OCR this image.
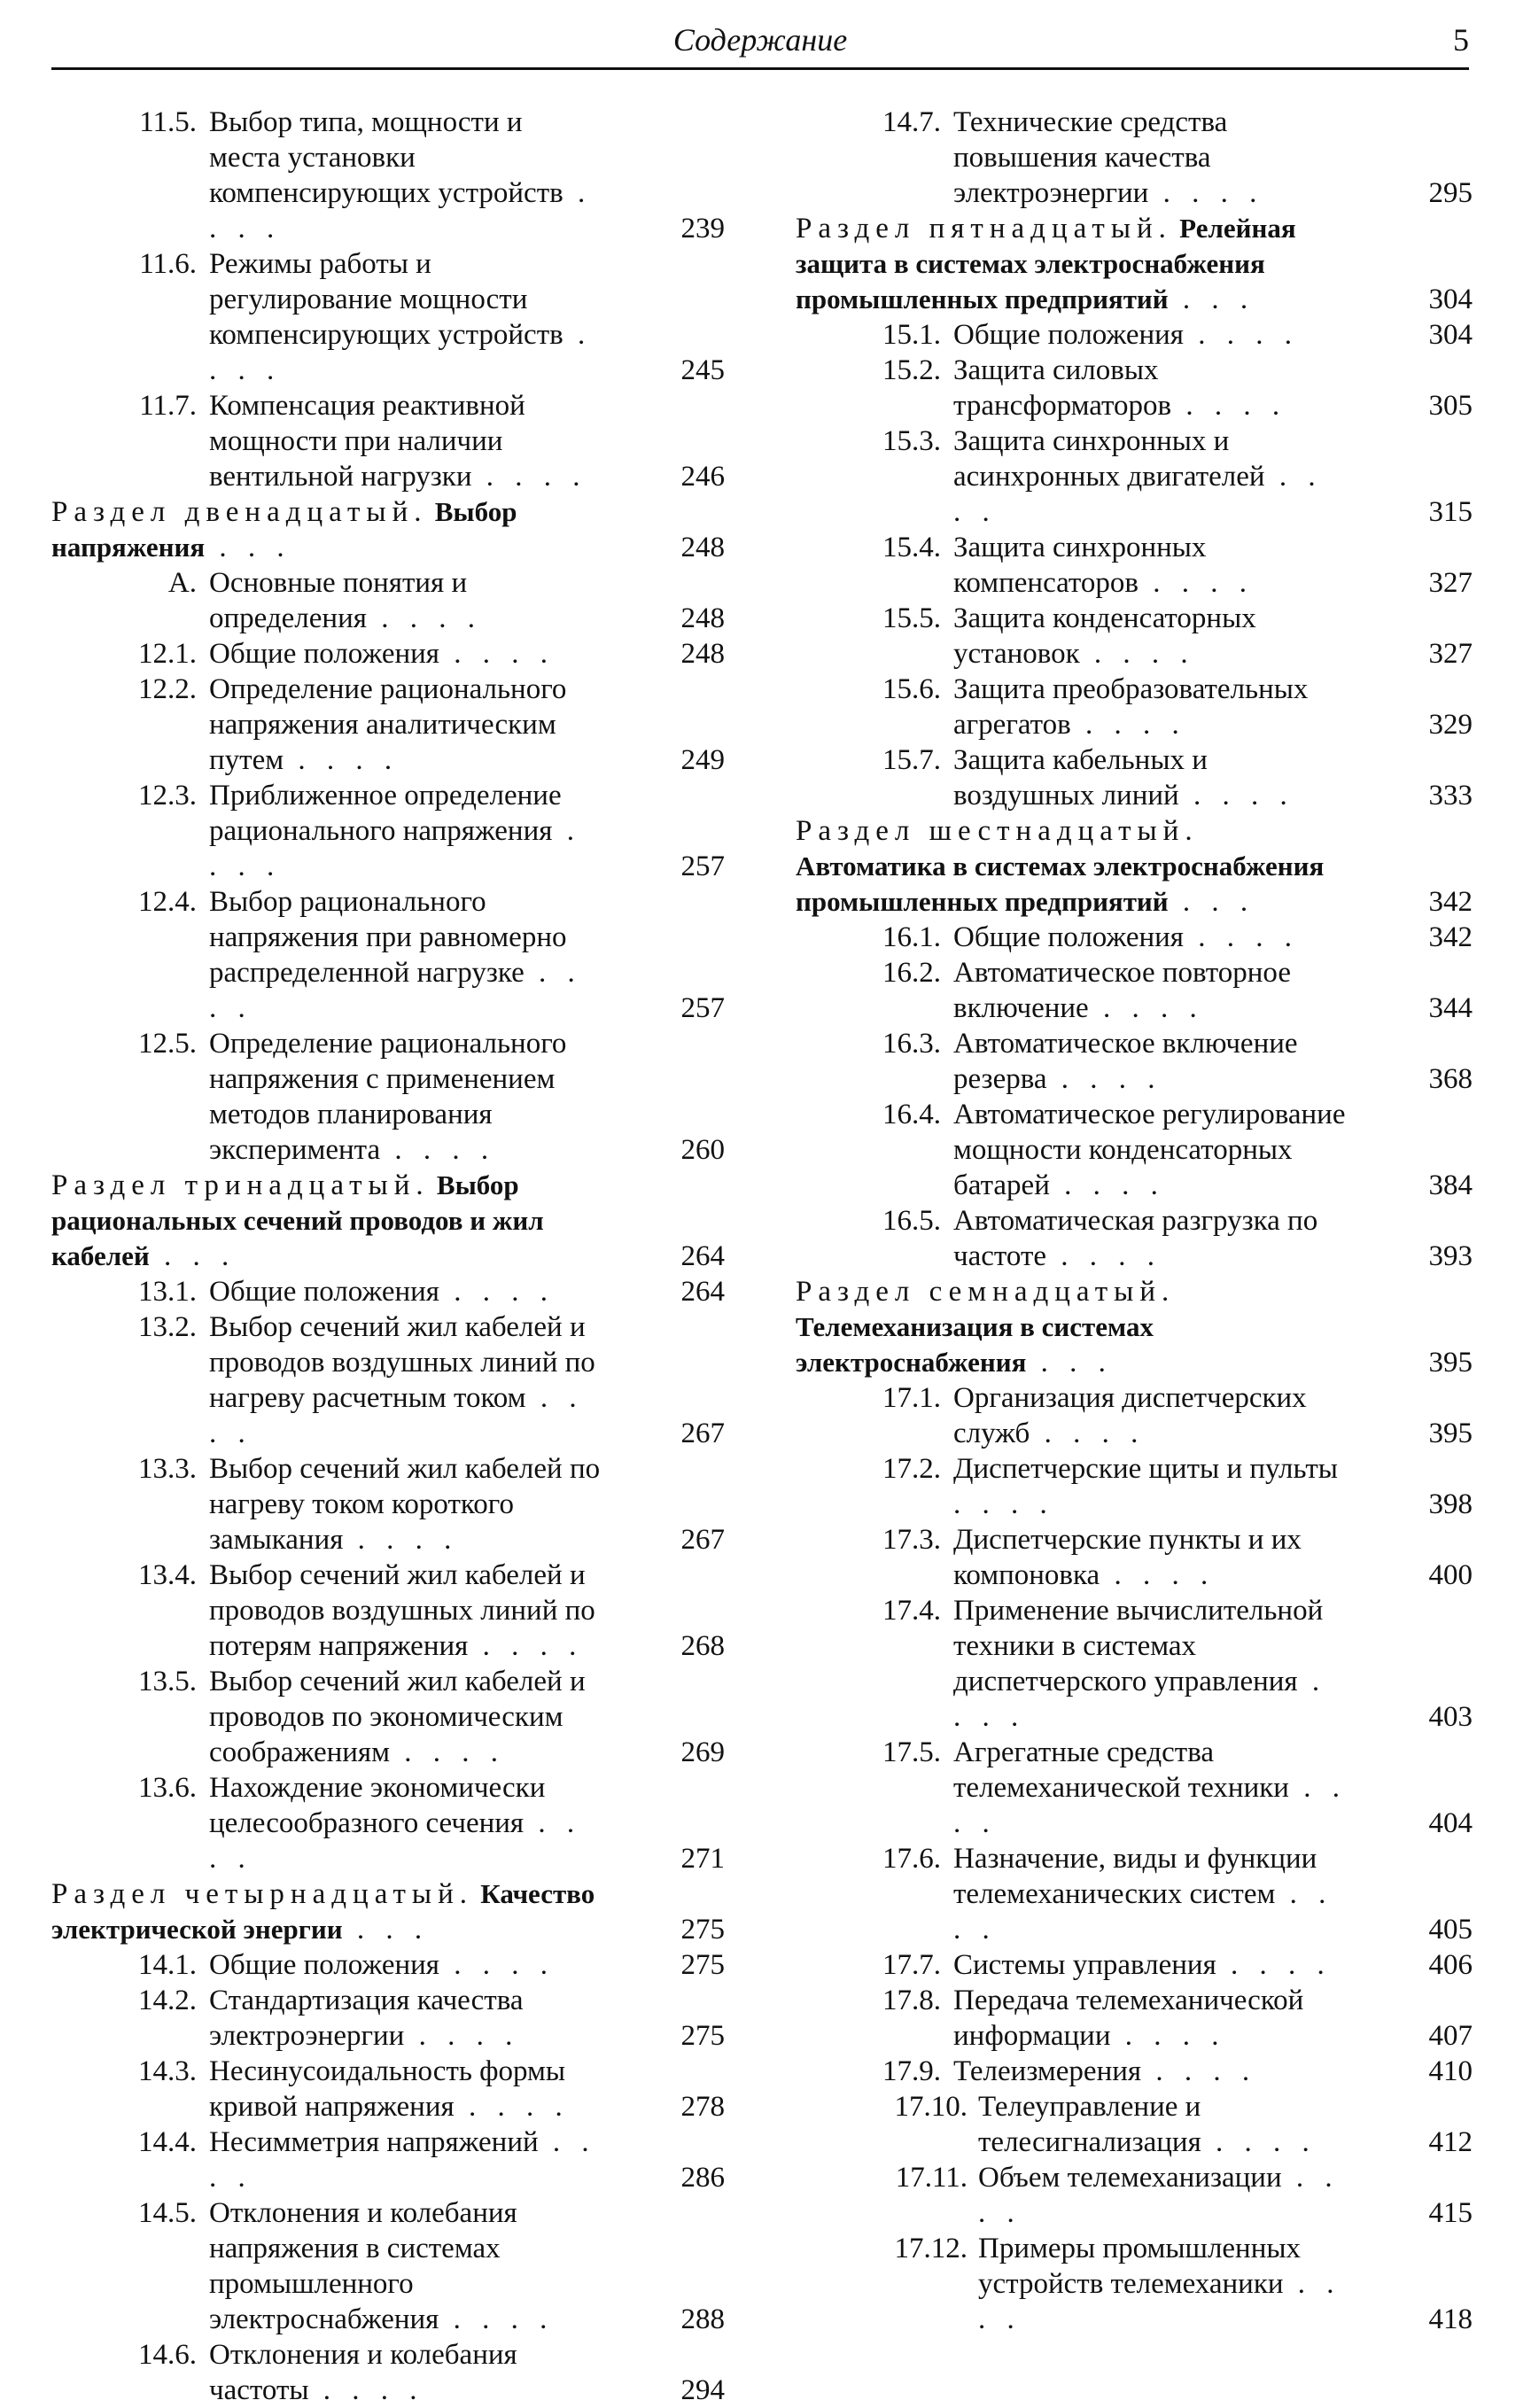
Содержание	5
11.5. Выбор типа, мощности и места установки компенсирующих устройств . . . .	239
11.6. Режимы работы и регулирование мощности компенсирующих устройств . . . .	245
11.7. Компенсация реактивной мощности при наличии вентильной нагрузки . . . .	246
Раздел двенадцатый. Выбор напряжения . . .	248
А. Основные понятия и определения . . . .	248
12.1. Общие положения . . . .	248
12.2. Определение рационального напряжения аналитическим путем . . . .	249
12.3. Приближенное определение рационального напряжения . . . .	257
12.4. Выбор рационального напряжения при равномерно распределенной нагрузке . . . .	257
12.5. Определение рационального напряжения с применением методов планирования эксперимента . . . .	260
Раздел тринадцатый. Выбор рациональных сечений проводов и жил кабелей . . .	264
13.1. Общие положения . . . .	264
13.2. Выбор сечений жил кабелей и проводов воздушных линий по нагреву расчетным током . . . .	267
13.3. Выбор сечений жил кабелей по нагреву током короткого замыкания . . . .	267
13.4. Выбор сечений жил кабелей и проводов воздушных линий по потерям напряжения . . . .	268
13.5. Выбор сечений жил кабелей и проводов по экономическим соображениям . . . .	269
13.6. Нахождение экономически целесообразного сечения . . . .	271
Раздел четырнадцатый. Качество электрической энергии . . .	275
14.1. Общие положения . . . .	275
14.2. Стандартизация качества электроэнергии . . . .	275
14.3. Несинусоидальность формы кривой напряжения . . . .	278
14.4. Несимметрия напряжений . . . .	286
14.5. Отклонения и колебания напряжения в системах промышленного электроснабжения . . . .	288
14.6. Отклонения и колебания частоты . . . .	294
14.7. Технические средства повышения качества электроэнергии . . . .	295
Раздел пятнадцатый. Релейная защита в системах электроснабжения промышленных предприятий . . .	304
15.1. Общие положения . . . .	304
15.2. Защита силовых трансформаторов . . . .	305
15.3. Защита синхронных и асинхронных двигателей . . . .	315
15.4. Защита синхронных компенсаторов . . . .	327
15.5. Защита конденсаторных установок . . . .	327
15.6. Защита преобразовательных агрегатов . . . .	329
15.7. Защита кабельных и воздушных линий . . . .	333
Раздел шестнадцатый. Автоматика в системах электроснабжения промышленных предприятий . . .	342
16.1. Общие положения . . . .	342
16.2. Автоматическое повторное включение . . . .	344
16.3. Автоматическое включение резерва . . . .	368
16.4. Автоматическое регулирование мощности конденсаторных батарей . . . .	384
16.5. Автоматическая разгрузка по частоте . . . .	393
Раздел семнадцатый. Телемеханизация в системах электроснабжения . . .	395
17.1. Организация диспетчерских служб . . . .	395
17.2. Диспетчерские щиты и пульты . . . .	398
17.3. Диспетчерские пункты и их компоновка . . . .	400
17.4. Применение вычислительной техники в системах диспетчерского управления . . . .	403
17.5. Агрегатные средства телемеханической техники . . . .	404
17.6. Назначение, виды и функции телемеханических систем . . . .	405
17.7. Системы управления . . . .	406
17.8. Передача телемеханической информации . . . .	407
17.9. Телеизмерения . . . .	410
17.10. Телеуправление и телесигнализация . . . .	412
17.11. Объем телемеханизации . . . .	415
17.12. Примеры промышленных устройств телемеханики . . . .	418
